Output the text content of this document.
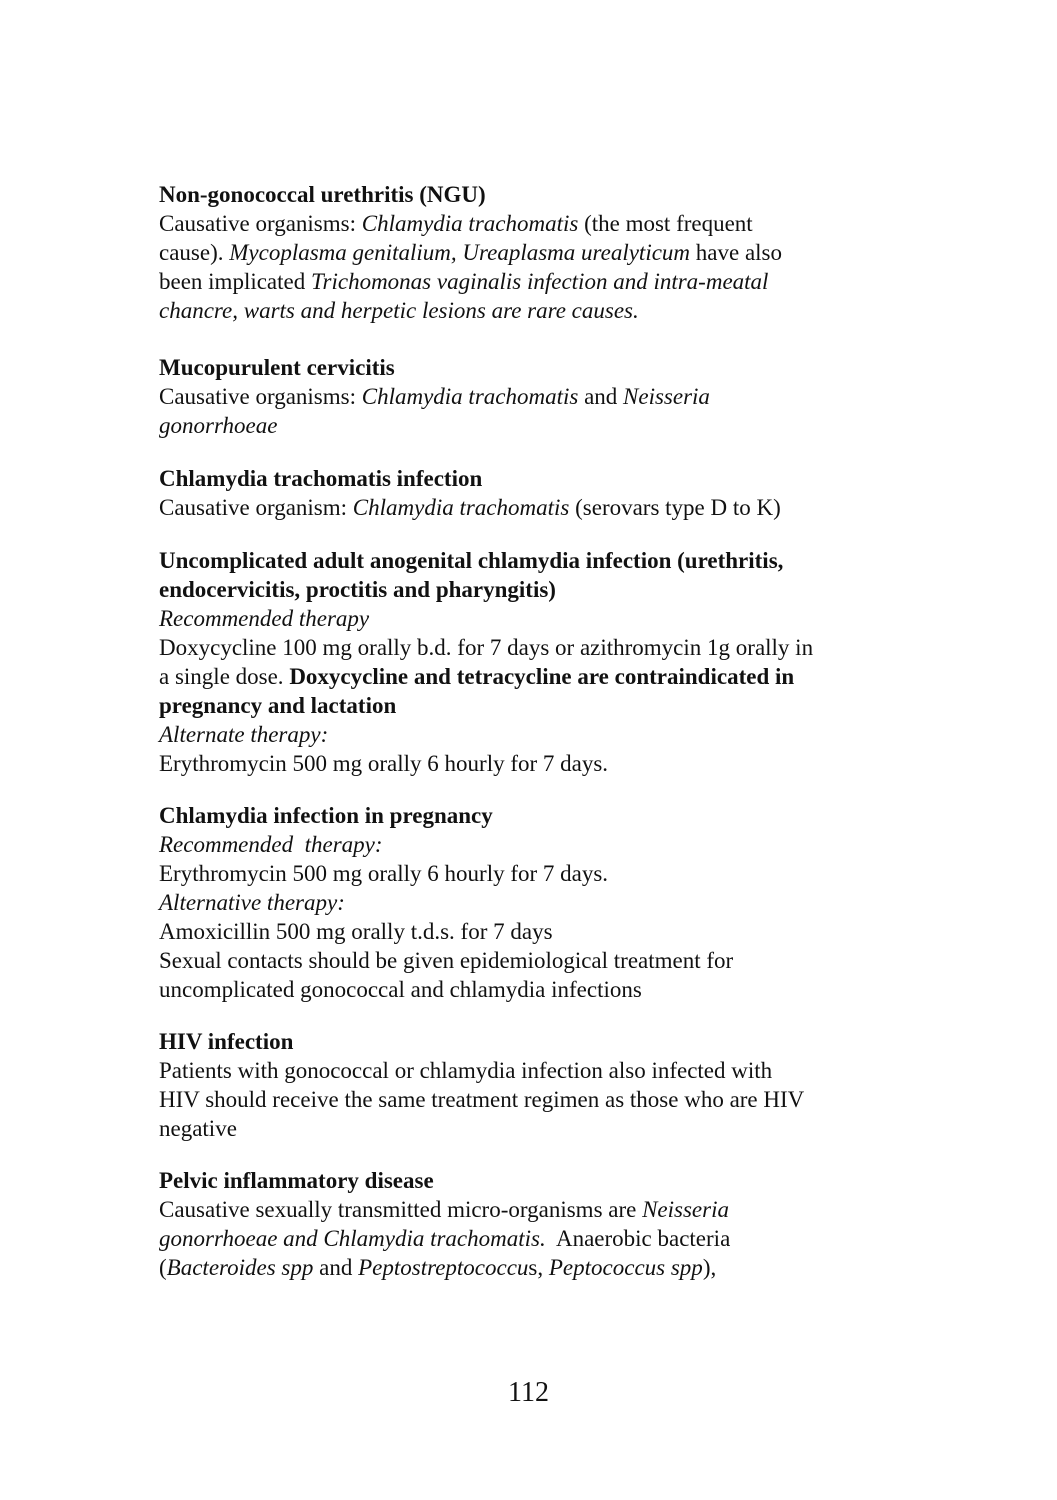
Non-gonococcal urethritis (NGU)
Causative organisms: Chlamydia trachomatis (the most frequent
cause). Mycoplasma genitalium, Ureaplasma urealyticum have also
been implicated Trichomonas vaginalis infection and intra-meatal
chancre, warts and herpetic lesions are rare causes.
Mucopurulent cervicitis
Causative organisms: Chlamydia trachomatis and Neisseria
gonorrhoeae
Chlamydia trachomatis infection
Causative organism: Chlamydia trachomatis (serovars type D to K)
Uncomplicated adult anogenital chlamydia infection (urethritis,
endocervicitis, proctitis and pharyngitis)
Recommended therapy
Doxycycline 100 mg orally b.d. for 7 days or azithromycin 1g orally in
a single dose. Doxycycline and tetracycline are contraindicated in
pregnancy and lactation
Alternate therapy:
Erythromycin 500 mg orally 6 hourly for 7 days.
Chlamydia infection in pregnancy
Recommended  therapy:
Erythromycin 500 mg orally 6 hourly for 7 days.
Alternative therapy:
Amoxicillin 500 mg orally t.d.s. for 7 days
Sexual contacts should be given epidemiological treatment for
uncomplicated gonococcal and chlamydia infections
HIV infection
Patients with gonococcal or chlamydia infection also infected with
HIV should receive the same treatment regimen as those who are HIV
negative
Pelvic inflammatory disease
Causative sexually transmitted micro-organisms are Neisseria
gonorrhoeae and Chlamydia trachomatis.  Anaerobic bacteria
(Bacteroides spp and Peptostreptococcus, Peptococcus spp),
112
